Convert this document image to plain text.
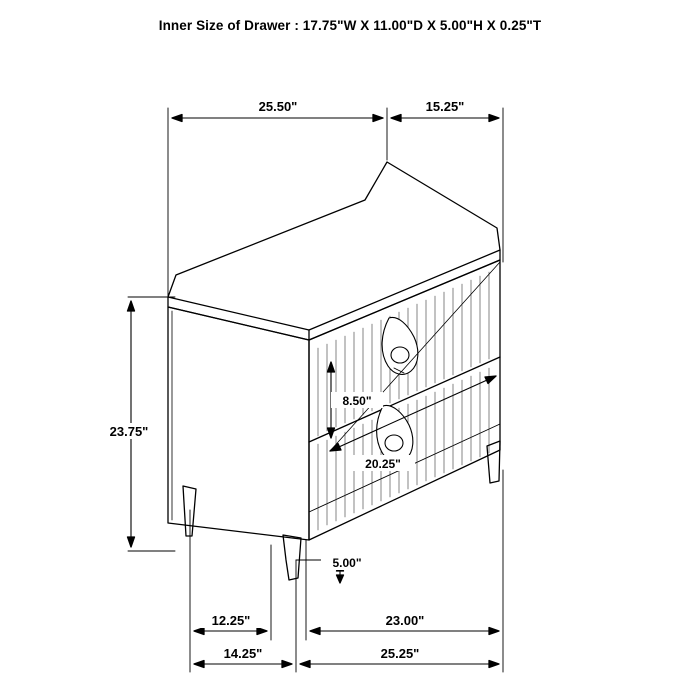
Inner Size of Drawer : 17.75"W X 11.00"D X 5.00"H X 0.25"T
25.50"	15.25"
23.75"
8.50"
20.25"
5.00"
12.25"	23.00"
14.25"	25.25"
